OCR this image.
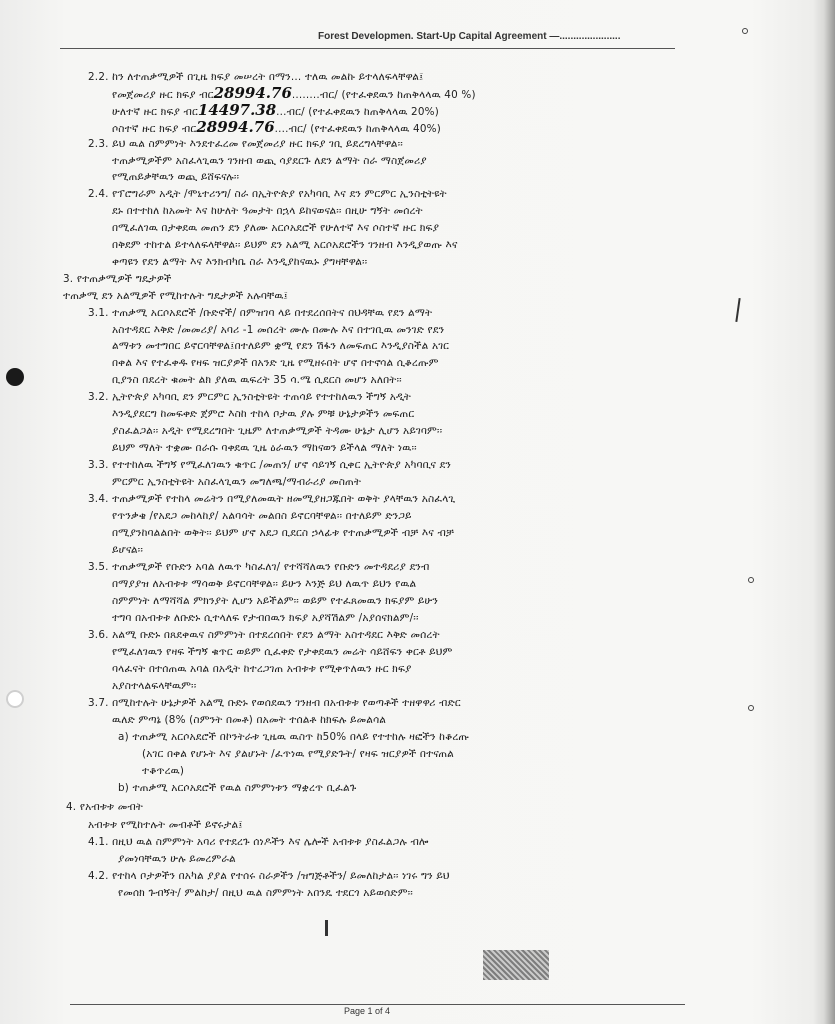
Forest Developmen. Start-Up Capital Agreement —......................
2.2. ከን ለተጠቃሚዎች በጊዜ ክፍያ መሠረት በማን... ተለዉ መልኩ ይተላለፍላቸዋል፤
የመጀመሪያ ዙር ክፍያ ብር28994.76........ብር/ (የተፈቀደዉን ከጠቅላላዉ 40 %)
ሁለተኛ ዙር ክፍያ ብር14497.38...ብር/ (የተፈቀደዉን ከጠቅላላዉ 20%)
ሶስተኛ ዙር ክፍያ ብር28994.76....ብር/ (የተፈቀደዉን ከጠቅላላዉ 40%)
2.3. ይህ ዉል ስምምነት እንደተፈረመ የመጀመሪያ ዙር ክፍያ ገቢ ይደረግላቸዋል፡፡
ተጠቃሚዎችም አስፈላጊዉን ገንዘብ ወጪ ሳያደርጉ ለደን ልማት ስራ ማስጀመሪያ
የሚጠይቃቸዉን ወጪ ይሸፍናሉ፡፡
2.4. የፕሮግራም አዲት /ሞኒተሪንግ/ ስራ በኢትዮጵያ የአካባቢ እና ደን ምርምር ኢንስቲትዩት
ደኑ በተተከለ ከአመት እና ከሁለት ዓመታት በኋላ ይከናወናል፡፡ በዚሁ ግኝት መሰረት
በሚፈለገዉ በታቀደዉ መጠን ደን ያለሙ አርሶአደሮች የሁለተኛ እና ሶስተኛ ዙር ክፍያ
በቅደም ተከተል ይተላለፍላቸዋል፡፡ ይህም ደን አልሚ አርሶአደሮችን ገንዘብ እንዲያወጡ እና
ቀጣዩን የደን ልማት እና እንክብካቤ ስራ እንዲያከናዉኑ ያግዛቸዋል፡፡
3. የተጠቃሚዎች ግዴታዎች
ተጠቃሚ ደን አልሚዎች የሚከተሉት ግዴታዎች አሉባቸዉ፤
3.1. ተጠቃሚ አርሶአደሮች /ቡድኖች/ በምዝገባ ላይ በተደረሰበትና በህዳቸዉ የደን ልማት
አስተዳደር እቅድ /መመሪያ/ አባሪ -1 መሰረት ሙሉ በሙሉ እና በተገቢዉ መንገድ የደን
ልማቱን መተግበር ይኖርባቸዋል፤በተለይም ቋሚ የደን ሽፋን ለመፍጠር እንዲያስችል አገር
በቀል እና የተፈቀዱ የዛፍ ዝርያዎች በአንድ ጊዜ የሚዘሩበት ሆኖ በተኖሳል ሲቆረጡም
ቢያንስ በደረት ቁመት ልክ ያለዉ ዉፍረት 35 ሳ.ሜ ሲደርስ መሆን አለበት፡፡
3.2. ኢትዮጵያ አካባቢ ደን ምርምር ኢንስቲትዩት ተጠሳይ የተተከለዉን ችግኝ አዲት
እንዲያደርግ ከመፍቀድ ጀምሮ እስከ ተከላ ቦታዉ ያሉ ምቹ ሁኔታዎችን መፍጠር
ያስፈልጋል፡፡ አዲት የሚደረግበት ጊዜም ለተጠቃሚዎች ትዳሙ ሁኔታ ሊሆን አይገባም፡፡
ይህም ማለት ተቋሙ በራሱ ባቀደዉ ጊዜ ዕራዉን ማከናወን ይችላል ማለት ነዉ፡፡
3.3. የተተከለዉ ችግኝ የሚፈለገዉን ቁጥር /መጠን/ ሆኖ ሳይገኝ ሲቀር ኢትዮጵያ አካባቢና ደን
ምርምር ኢንስቲትዩት አስፈላጊዉን መግለጫ/ማብራሪያ መስጠት
3.4. ተጠቃሚዎች የተከላ መሬትን በሚያለመዉት ዘመሚያዘጋጁበት ወቅት ያላቸዉን አስፈላጊ
የጥንቃቄ /የአደጋ መከላከያ/ አልባሳት መልበስ ይኖርባቸዋል፡፡ በተለይም ድንጋይ
በሚያንከባልልበት ወቅት፡፡ ይህም ሆኖ አደጋ ቢደርስ ኃላፊቱ የተጠቃሚዎች ብቻ እና ብቻ
ይሆናል፡፡
3.5. ተጠቃሚዎች የቡድን አባል ለዉጥ ካስፈለገ/ የተሻሻለዉን የቡድን መተዳደሪያ ደንብ
በማያያዝ ለአብቱቱ ማሳወቅ ይኖርባቸዋል፡፡ ይሁን እንጅ ይህ ለዉጥ ይህን የዉል
ስምምነት ለማሻሻል ምክንያት ሊሆን አይችልም፡፡ ወይም የተፈጸመዉን ክፍያም ይሁን
ተግባ በአብቱቱ ለቡድኑ ሲተላለፍ የታብበዉን ክፍያ አያሻሽልም /አያሰናክልም/፡፡
3.6. አልሚ ቡድኑ በጸደቀዉና ስምምነት በተደረሰበት የደን ልማት አስተዳደር እቅድ መሰረት
የሚፈለገዉን የዛፍ ችግኝ ቁጥር ወይም ሲፈቀድ የታቀደዉን መሬት ሳይሸፍን ቀርቶ ይህም
ባላፈናት በተሰጠዉ አባል በአዲት ከተረጋገጠ አብቱቱ የሚቀጥለዉን ዙር ክፍያ
አያስተላልፍላቸዉም፡፡
3.7. በሚከተሉት ሁኔታዎች አልሚ ቡድኑ የወሰደዉን ገንዘብ በአብቱቱ የወጣቶች ተዘዋዋሪ ብድር
ዉለድ ምጣኔ (8% (ስምንት በመቶ) በአመት ተሰልቶ ከክፍሉ ይመልሳል
a) ተጠቃሚ አርሶአደሮች በኮንትራቱ ጊዜዉ ዉስጥ ከ50% በላይ የተተከሉ ዛፎችን ከቆረጡ
(አገር በቀል የሆኑት እና ያልሆኑት /ፈጥነዉ የሚያድጉት/ የዛፍ ዝርያዎች በተናጠል
ተቆጥረዉ)
b) ተጠቃሚ አርሶአደሮች የዉል ስምምነቱን ማቋረጥ ቢፈልጉ
4. የአብቱቱ መብት
አብቱቱ የሚከተሉት መብቶች ይኖሩታል፤
4.1. በዚህ ዉል ስምምነት አባሪ የተደረጉ ሰነዶችን እና ሌሎች አብቱቱ ያስፈልጋሉ ብሎ
ያመነባቸዉን ሁሉ ይመረምራል
4.2. የተከላ ቦታዎችን በአካል ያያል የተሰሩ ስራዎችን /ዝግጅቶችን/ ይመለከታል፡፡ ነገሩ ግን ይህ
የመሰክ ጉብኝት/ ምልከታ/ በዚህ ዉል ስምምነት አበንዴ ተደርጎ አይወሰድም፡፡
Page 1 of 4
